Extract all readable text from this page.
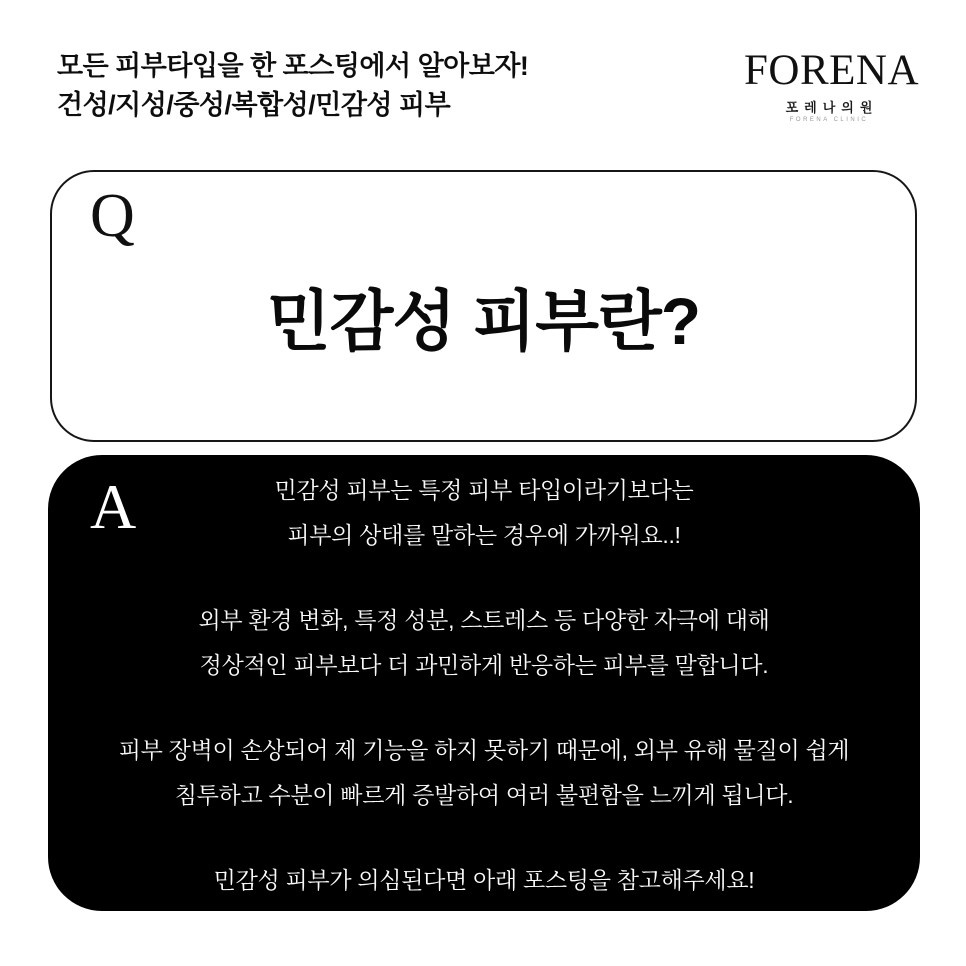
모든 피부타입을 한 포스팅에서 알아보자!
건성/지성/중성/복합성/민감성 피부
FORENA
포레나의원
FORENA CLINIC
Q
민감성 피부란?
A	민감성 피부는 특정 피부 타입이라기보다는
피부의 상태를 말하는 경우에 가까워요..!

외부 환경 변화, 특정 성분, 스트레스 등 다양한 자극에 대해
정상적인 피부보다 더 과민하게 반응하는 피부를 말합니다.

피부 장벽이 손상되어 제 기능을 하지 못하기 때문에, 외부 유해 물질이 쉽게
침투하고 수분이 빠르게 증발하여 여러 불편함을 느끼게 됩니다.

민감성 피부가 의심된다면 아래 포스팅을 참고해주세요!
